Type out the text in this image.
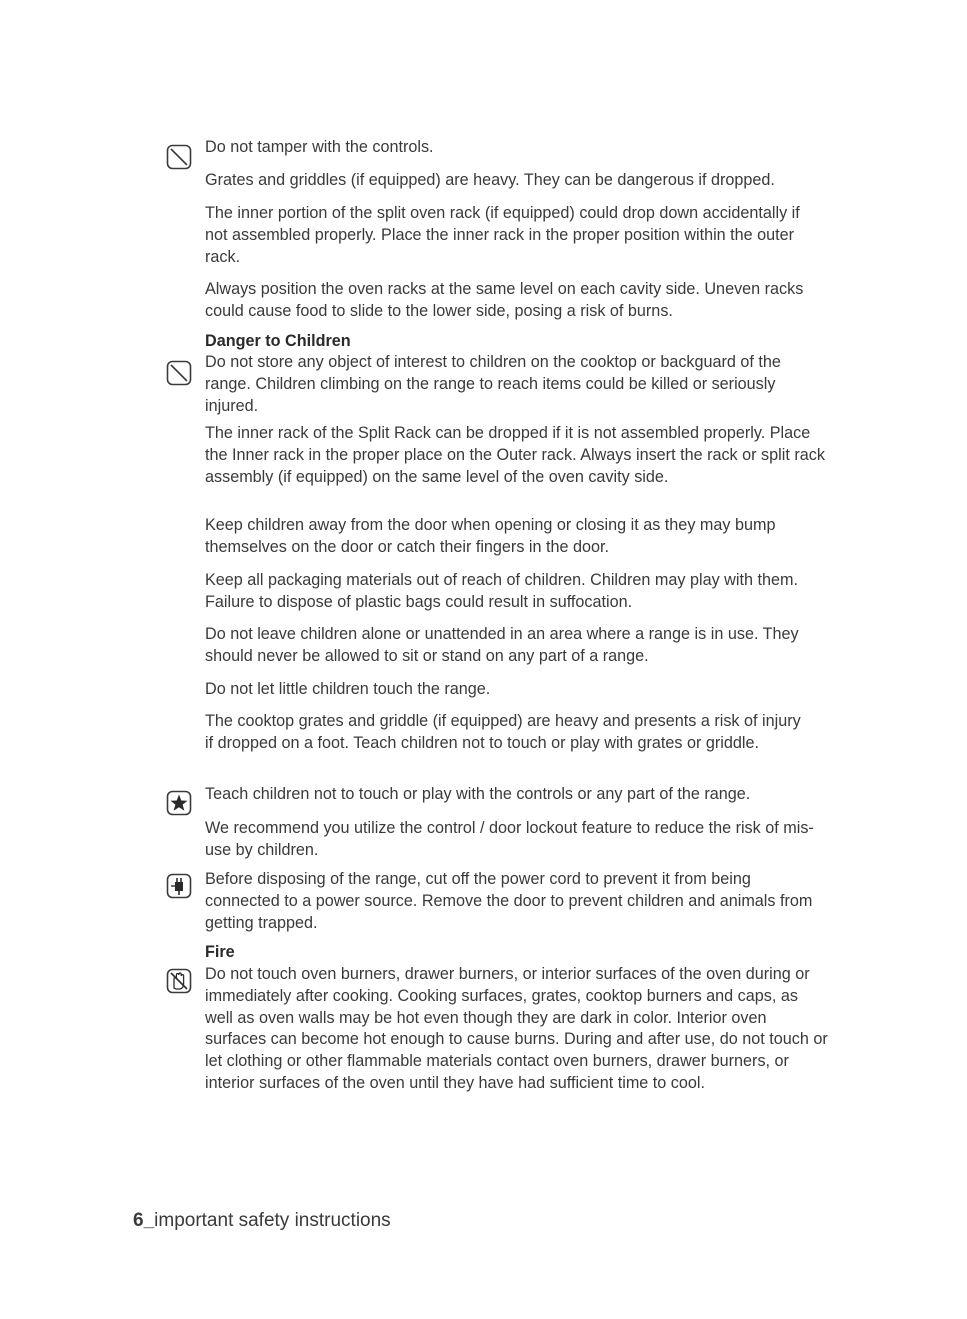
Do not tamper with the controls.

Grates and griddles (if equipped) are heavy. They can be dangerous if dropped.

The inner portion of the split oven rack (if equipped) could drop down accidentally if not assembled properly. Place the inner rack in the proper position within the outer rack.

Always position the oven racks at the same level on each cavity side. Uneven racks could cause food to slide to the lower side, posing a risk of burns.

Danger to Children

Do not store any object of interest to children on the cooktop or backguard of the range. Children climbing on the range to reach items could be killed or seriously injured.

The inner rack of the Split Rack can be dropped if it is not assembled properly. Place the Inner rack in the proper place on the Outer rack. Always insert the rack or split rack assembly (if equipped) on the same level of the oven cavity side.

Keep children away from the door when opening or closing it as they may bump themselves on the door or catch their fingers in the door.

Keep all packaging materials out of reach of children. Children may play with them. Failure to dispose of plastic bags could result in suffocation.

Do not leave children alone or unattended in an area where a range is in use. They should never be allowed to sit or stand on any part of a range.

Do not let little children touch the range.

The cooktop grates and griddle (if equipped) are heavy and presents a risk of injury if dropped on a foot. Teach children not to touch or play with grates or griddle.

Teach children not to touch or play with the controls or any part of the range.

We recommend you utilize the control / door lockout feature to reduce the risk of mis-use by children.

Before disposing of the range, cut off the power cord to prevent it from being connected to a power source. Remove the door to prevent children and animals from getting trapped.

Fire

Do not touch oven burners, drawer burners, or interior surfaces of the oven during or immediately after cooking. Cooking surfaces, grates, cooktop burners and caps, as well as oven walls may be hot even though they are dark in color. Interior oven surfaces can become hot enough to cause burns. During and after use, do not touch or let clothing or other flammable materials contact oven burners, drawer burners, or interior surfaces of the oven until they have had sufficient time to cool.

6_important safety instructions
